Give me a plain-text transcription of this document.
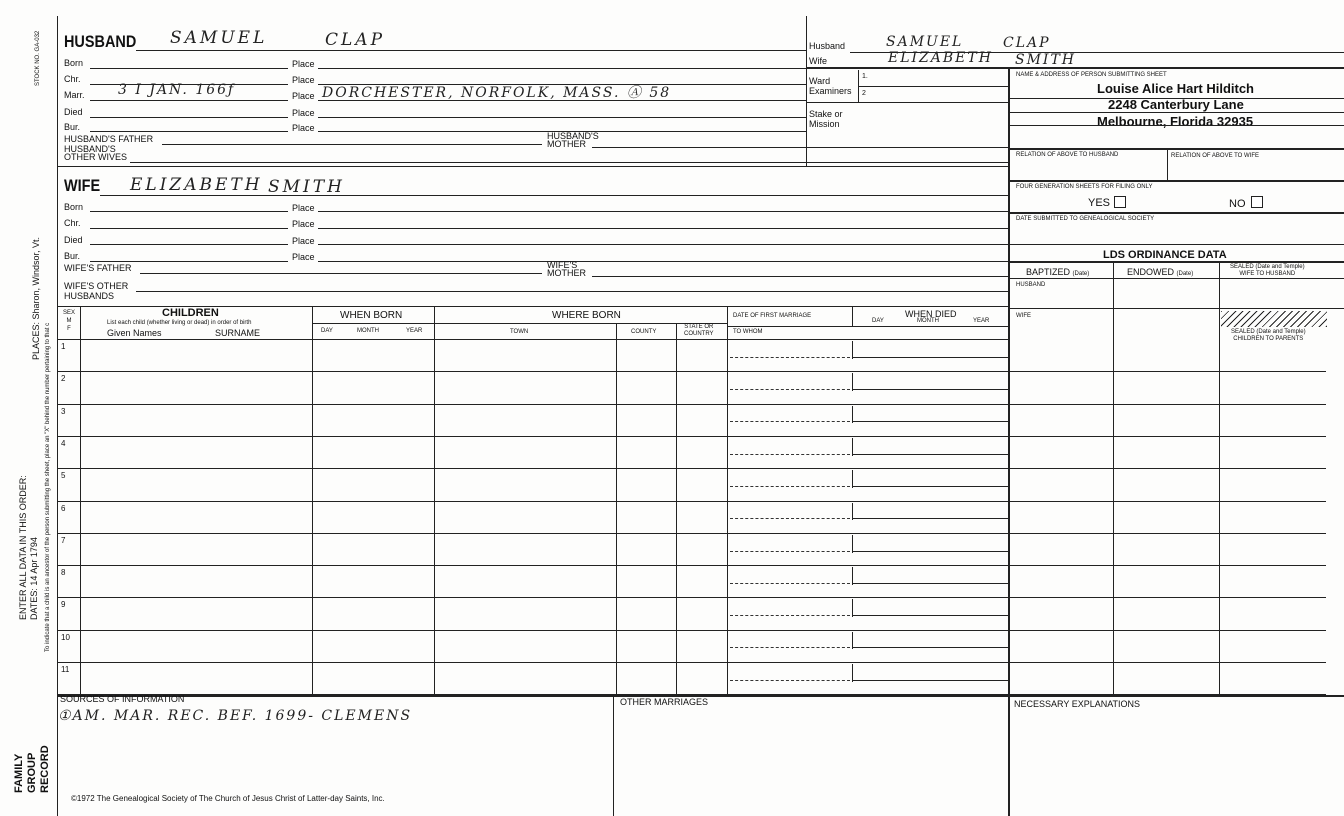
STOCK NO. GA-032
PLACES: Sharon, Windsor, Vt.
To indicate that a child is an ancestor of the person submitting the sheet, place an "X" behind the number pertaining to that c
ENTER ALL DATA IN THIS ORDER: DATES: 14 Apr 1794
FAMILY GROUP RECORD
HUSBAND SAMUEL	CLAP
Born	Place
Chr.	Place
Marr. 3 I JAN. 166ƒ	Place DORCHESTER, NORFOLK, MASS. Ⓐ 58
Died	Place
Bur.	Place
HUSBAND'S FATHER	HUSBAND'S
MOTHER
HUSBAND'S
OTHER WIVES
WIFE ELIZABETH SMITH
Born	Place
Chr.	Place
Died	Place
Bur.	Place
WIFE'S FATHER	WIFE'S
MOTHER
WIFE'S OTHER
HUSBANDS
Husband	SAMUEL	CLAP
Wife	ELIZABETH SMITH
Ward
Examiners
1.
2
Stake or
Mission
NAME & ADDRESS OF PERSON SUBMITTING SHEET
Louise Alice Hart Hilditch
2248 Canterbury Lane
Melbourne, Florida 32935
RELATION OF ABOVE TO HUSBAND	RELATION OF ABOVE TO WIFE
FOUR GENERATION SHEETS FOR FILING ONLY
YES	NO
DATE SUBMITTED TO GENEALOGICAL SOCIETY
LDS ORDINANCE DATA
BAPTIZED (Date)	ENDOWED (Date)
SEALED (Date and Temple)
WIFE TO HUSBAND
HUSBAND
WIFE
SEALED (Date and Temple)
CHILDREN TO PARENTS
SEX
M
F
CHILDREN
List each child (whether living or dead) in order of birth
Given Names	SURNAME
WHEN BORN
DAY	MONTH	YEAR
WHERE BORN
TOWN	COUNTY
STATE OR
COUNTRY
DATE OF FIRST MARRIAGE
TO WHOM
WHEN DIED
DAY	MONTH	YEAR
1
2
3
4
5
6
7
8
9
10
11
SOURCES OF INFORMATION
①AM. MAR. REC. BEF. 1699- CLEMENS
OTHER MARRIAGES	NECESSARY EXPLANATIONS
©1972 The Genealogical Society of The Church of Jesus Christ of Latter-day Saints, Inc.
